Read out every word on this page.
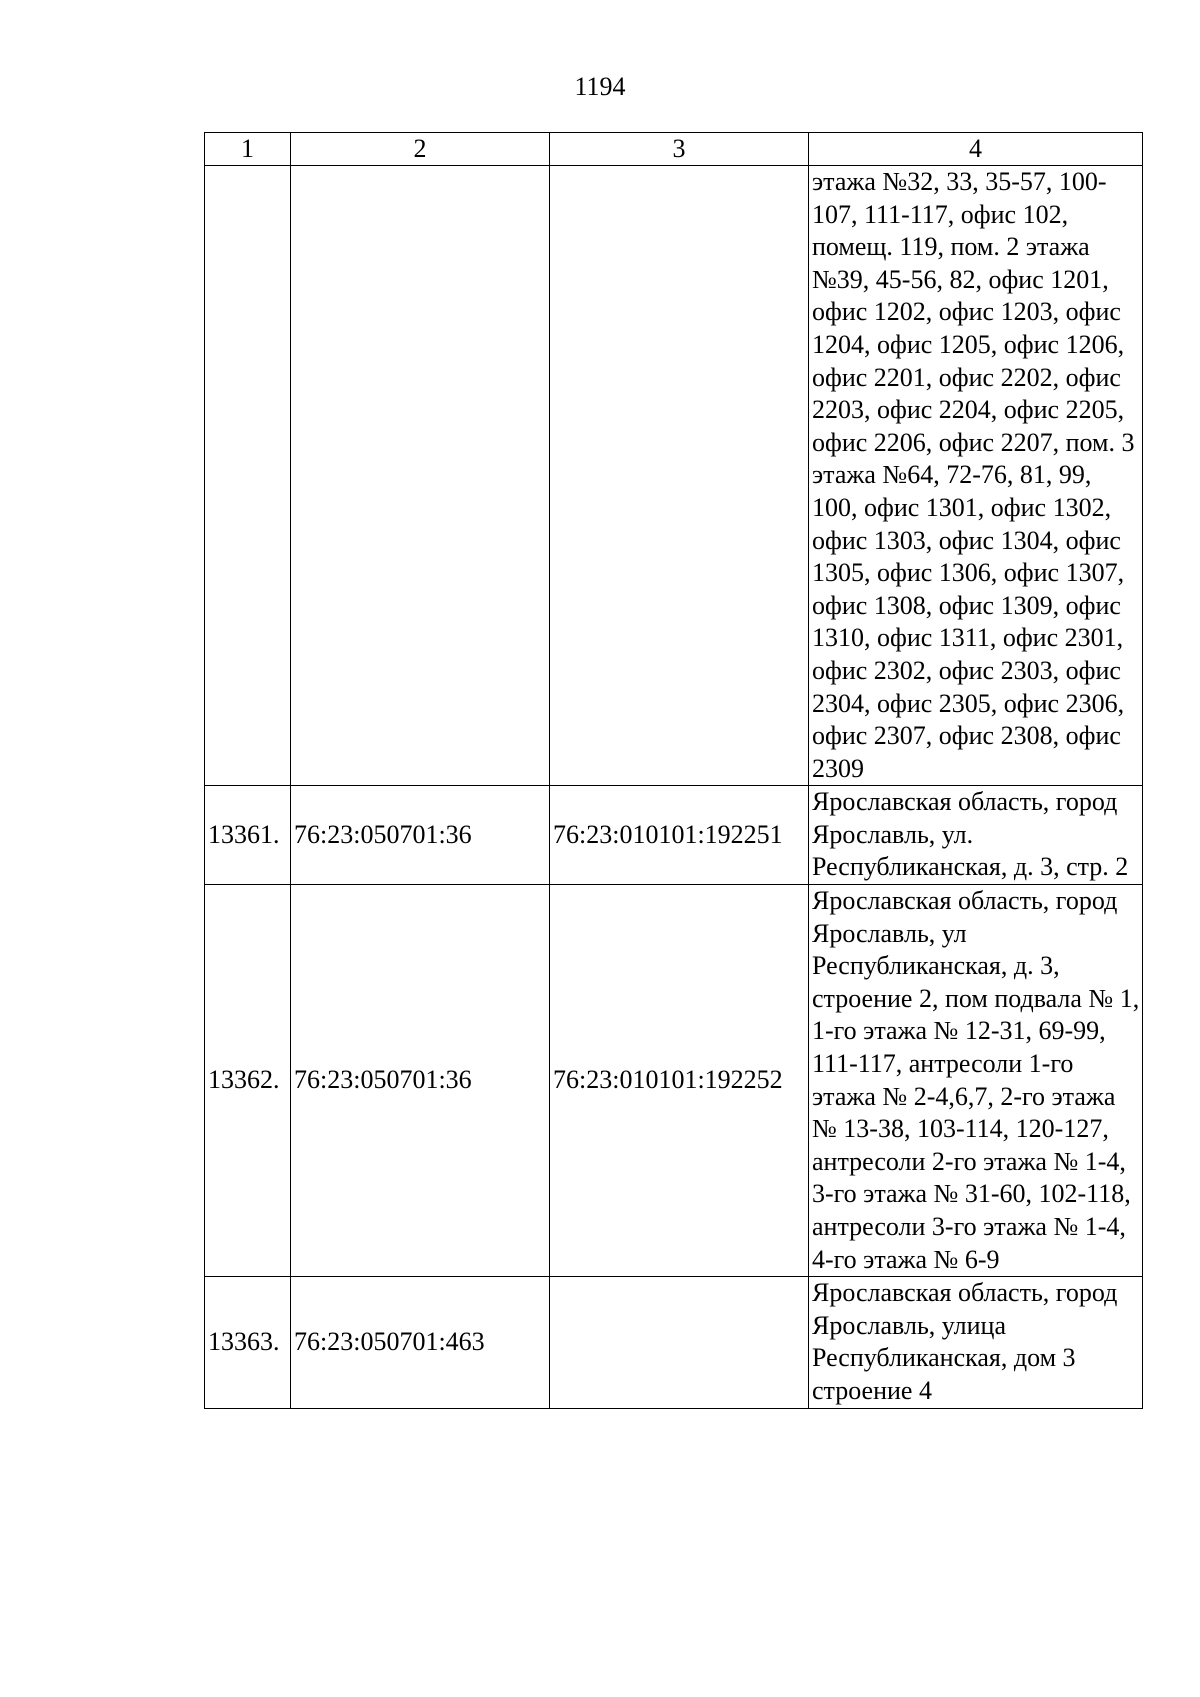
1194
1	2	3	4
			этажа №32, 33, 35-57, 100-107, 111-117, офис 102, помещ. 119, пом. 2 этажа №39, 45-56, 82, офис 1201, офис 1202, офис 1203, офис 1204, офис 1205, офис 1206, офис 2201, офис 2202, офис 2203, офис 2204, офис 2205, офис 2206, офис 2207, пом. 3 этажа №64, 72-76, 81, 99, 100, офис 1301, офис 1302, офис 1303, офис 1304, офис 1305, офис 1306, офис 1307, офис 1308, офис 1309, офис 1310, офис 1311, офис 2301, офис 2302, офис 2303, офис 2304, офис 2305, офис 2306, офис 2307, офис 2308, офис 2309
13361.	76:23:050701:36	76:23:010101:192251	Ярославская область, город Ярославль, ул. Республиканская, д. 3, стр. 2
13362.	76:23:050701:36	76:23:010101:192252	Ярославская область, город Ярославль, ул Республиканская, д. 3, строение 2, пом подвала № 1, 1-го этажа № 12-31, 69-99, 111-117, антресоли 1-го этажа № 2-4,6,7, 2-го этажа № 13-38, 103-114, 120-127, антресоли 2-го этажа № 1-4, 3-го этажа № 31-60, 102-118, антресоли 3-го этажа № 1-4, 4-го этажа № 6-9
13363.	76:23:050701:463		Ярославская область, город Ярославль, улица Республиканская, дом 3 строение 4
